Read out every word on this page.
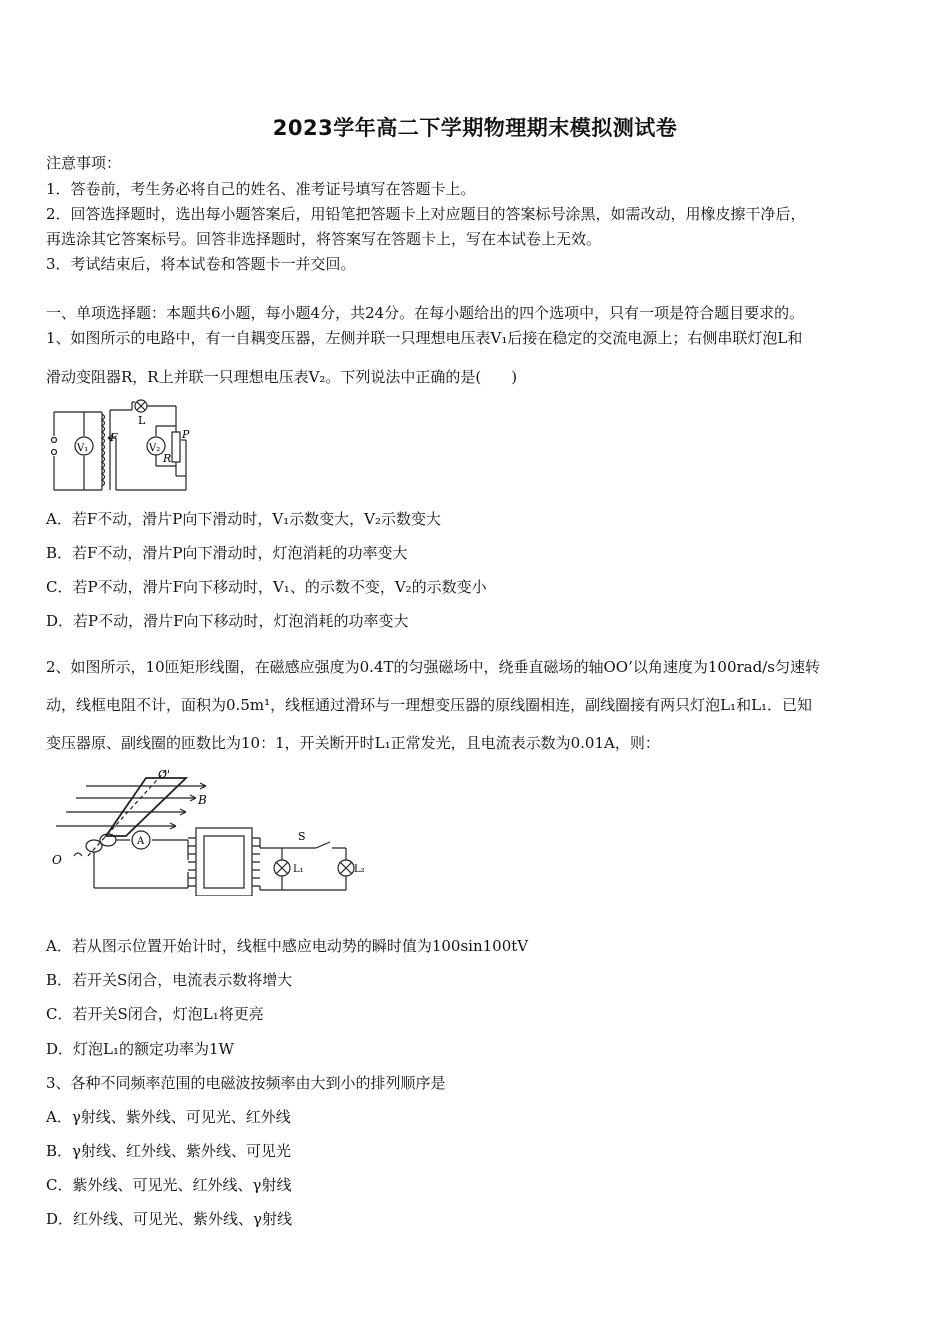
2023学年高二下学期物理期末模拟测试卷
注意事项：
1．答卷前，考生务必将自己的姓名、准考证号填写在答题卡上。
2．回答选择题时，选出每小题答案后，用铅笔把答题卡上对应题目的答案标号涂黑，如需改动，用橡皮擦干净后，
再选涂其它答案标号。回答非选择题时，将答案写在答题卡上，写在本试卷上无效。
3．考试结束后，将本试卷和答题卡一并交回。
一、单项选择题：本题共6小题，每小题4分，共24分。在每小题给出的四个选项中，只有一项是符合题目要求的。
1、如图所示的电路中，有一自耦变压器，左侧并联一只理想电压表V₁后接在稳定的交流电源上；右侧串联灯泡L和
滑动变阻器R，R上并联一只理想电压表V₂。下列说法中正确的是(　　)
V₁	V₂
F
L
R
P
A．若F不动，滑片P向下滑动时，V₁示数变大，V₂示数变大
B．若F不动，滑片P向下滑动时，灯泡消耗的功率变大
C．若P不动，滑片F向下移动时，V₁、的示数不变，V₂的示数变小
D．若P不动，滑片F向下移动时，灯泡消耗的功率变大
2、如图所示，10匝矩形线圈，在磁感应强度为0.4T的匀强磁场中，绕垂直磁场的轴OO’以角速度为100rad/s匀速转
动，线框电阻不计，面积为0.5m¹，线框通过滑环与一理想变压器的原线圈相连，副线圈接有两只灯泡L₁和L₁．已知
变压器原、副线圈的匝数比为10：1，开关断开时L₁正常发光，且电流表示数为0.01A，则：
O'
B
O
A	S
L₁	L₂
A．若从图示位置开始计时，线框中感应电动势的瞬时值为100sin100tV
B．若开关S闭合，电流表示数将增大
C．若开关S闭合，灯泡L₁将更亮
D．灯泡L₁的额定功率为1W
3、各种不同频率范围的电磁波按频率由大到小的排列顺序是
A．γ射线、紫外线、可见光、红外线
B．γ射线、红外线、紫外线、可见光
C．紫外线、可见光、红外线、γ射线
D．红外线、可见光、紫外线、γ射线
